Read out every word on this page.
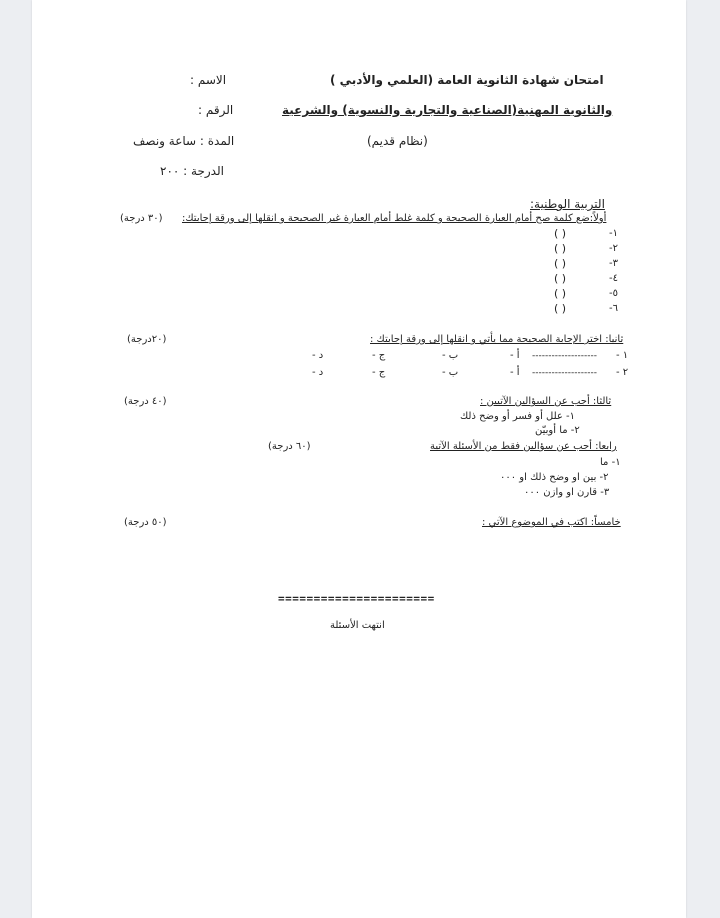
امتحان شهادة الثانوية العامة (العلمي والأدبي )
والثانوية المهنية(الصناعية والتجارية والنسوية) والشرعية
(نظام قديم)
الاسم :
الرقم :
المدة : ساعة ونصف
الدرجة : ٢٠٠
التربية الوطنية:
أولاً:ضع كلمة صح أمام العبارة الصحيحة و كلمة غلط أمام العبارة غير الصحيحة و انقلها إلى ورقة إجابتك:
(٣٠ درجة)
١-
( )
٢-
( )
٣-
( )
٤-
( )
٥-
( )
٦-
( )
ثانيا: اختر الإجابة الصحيحة مما يأتي و انقلها إلى ورقة إجابتك :
(٢٠درجة)
١ -
--------------------
أ -
ب -
ج -
د -
٢ -
--------------------
أ -
ب -
ج -
د -
ثالثا: أجب عن السؤالين الآتيين :
(٤٠ درجة)
١- علل أو فسر أو وضح ذلك
٢- ما أوبيّن
رابعا: أجب عن سؤالين فقط من الأسئلة الآتية
(٦٠ درجة)
١- ما
٢- بين او وضح ذلك او ٠٠٠
٣- قارن او وازن ٠٠٠
خامساً: اكتب في الموضوع الآتي :
(٥٠ درجة)
======================
انتهت الأسئلة
